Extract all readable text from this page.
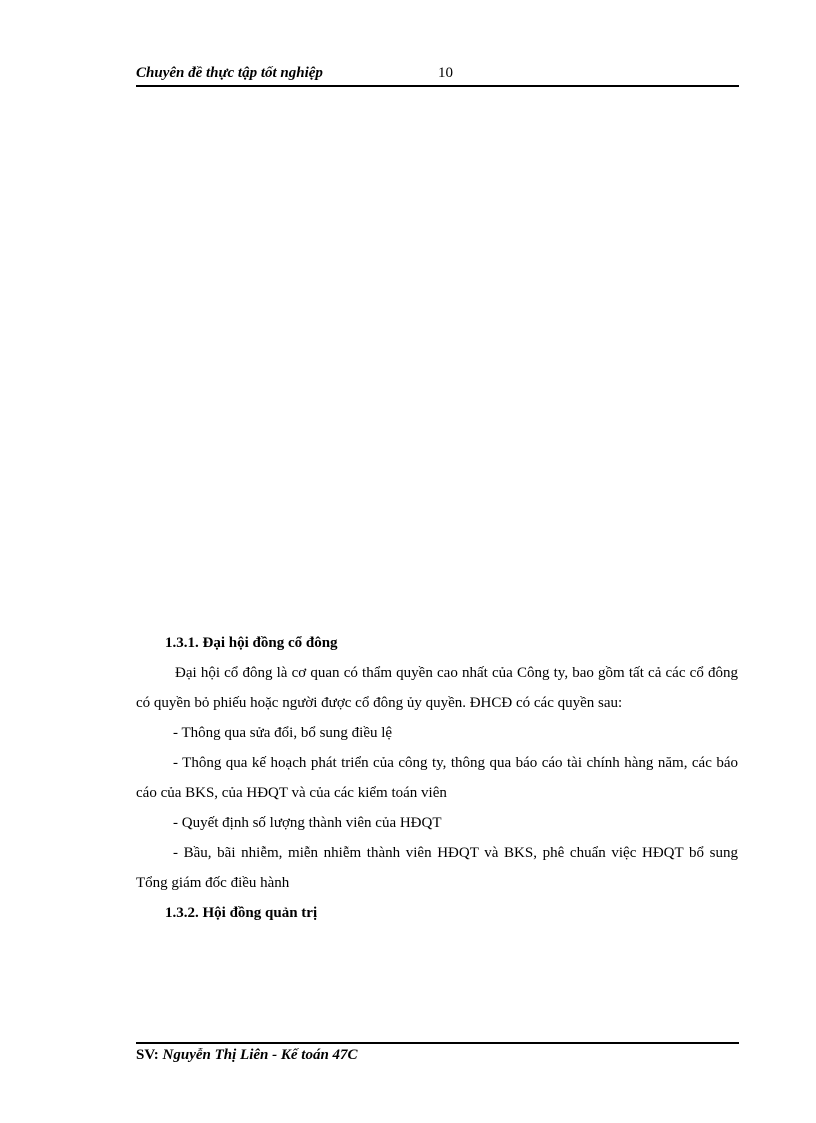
Chuyên đề thực tập tốt nghiệp	10

1.3.1. Đại hội đồng cổ đông

Đại hội cổ đông là cơ quan có thẩm quyền cao nhất của Công ty, bao gồm tất cả các cổ đông có quyền bỏ phiếu hoặc người được cổ đông ủy quyền. ĐHCĐ có các quyền sau:

- Thông qua sửa đổi, bổ sung điều lệ

- Thông qua kế hoạch phát triển của công ty, thông qua báo cáo tài chính hàng năm, các báo cáo của BKS, của HĐQT và của các kiểm toán viên

- Quyết định số lượng thành viên của HĐQT

- Bầu, bãi nhiễm, miễn nhiễm thành viên HĐQT và BKS, phê chuẩn việc HĐQT bổ sung Tổng giám đốc điều hành

1.3.2. Hội đồng quản trị

SV: Nguyễn Thị Liên - Kế toán 47C
